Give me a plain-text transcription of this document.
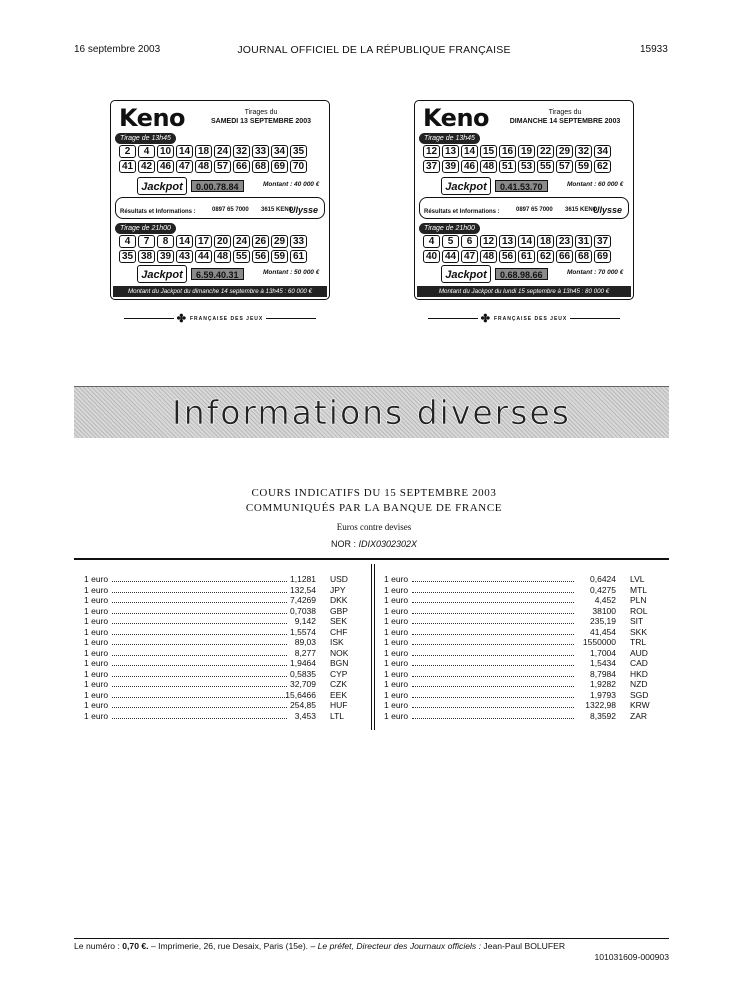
16 septembre 2003	JOURNAL OFFICIEL DE LA RÉPUBLIQUE FRANÇAISE	15933
Keno	Tirages du
SAMEDI 13 SEPTEMBRE 2003
Tirage de 13h45
2	4	10 14 18 24 32 33 34 35
41 42 46 47 48 57 66 68 69 70
Jackpot	0.00.78.84	Montant : 40 000 €
Résultats et Informations :	0897 65 7000 3615 KENO
Ulysse
Tirage de 21h00
4	7	8	14 17 20 24 26 29 33
35 38 39 43 44 48 55 56 59 61
Jackpot	6.59.40.31	Montant : 50 000 €
Montant du Jackpot du dimanche 14 septembre à 13h45 : 60 000 €
✤ FRANÇAISE DES JEUX
Keno	Tirages du
DIMANCHE 14 SEPTEMBRE 2003
Tirage de 13h45
12 13 14 15 16 19 22 29 32 34
37 39 46 48 51 53 55 57 59 62
Jackpot	0.41.53.70	Montant : 60 000 €
Résultats et Informations :	0897 65 7000 3615 KENO
Ulysse
Tirage de 21h00
4	5	6	12 13 14 18 23 31 37
40 44 47 48 56 61 62 66 68 69
Jackpot	0.68.98.66	Montant : 70 000 €
Montant du Jackpot du lundi 15 septembre à 13h45 : 80 000 €
✤ FRANÇAISE DES JEUX
Informations diverses
COURS INDICATIFS DU 15 SEPTEMBRE 2003
COMMUNIQUÉS PAR LA BANQUE DE FRANCE
Euros contre devises
NOR : IDIX0302302X
1 euro	1,1281 USD
1 euro	132,54 JPY
1 euro	7,4269 DKK
1 euro	0,7038 GBP
1 euro	9,142 SEK
1 euro	1,5574 CHF
1 euro	89,03 ISK
1 euro	8,277 NOK
1 euro	1,9464 BGN
1 euro	0,5835 CYP
1 euro	32,709 CZK
1 euro	15,6466 EEK
1 euro	254,85 HUF
1 euro	3,453 LTL
1 euro	0,6424 LVL
1 euro	0,4275 MTL
1 euro	4,452 PLN
1 euro	38100 ROL
1 euro	235,19 SIT
1 euro	41,454 SKK
1 euro	1550000 TRL
1 euro	1,7004 AUD
1 euro	1,5434 CAD
1 euro	8,7984 HKD
1 euro	1,9282 NZD
1 euro	1,9793 SGD
1 euro	1322,98 KRW
1 euro	8,3592 ZAR
Le numéro : 0,70 €. – Imprimerie, 26, rue Desaix, Paris (15e). – Le préfet, Directeur des Journaux officiels : Jean-Paul BOLUFER
101031609-000903
